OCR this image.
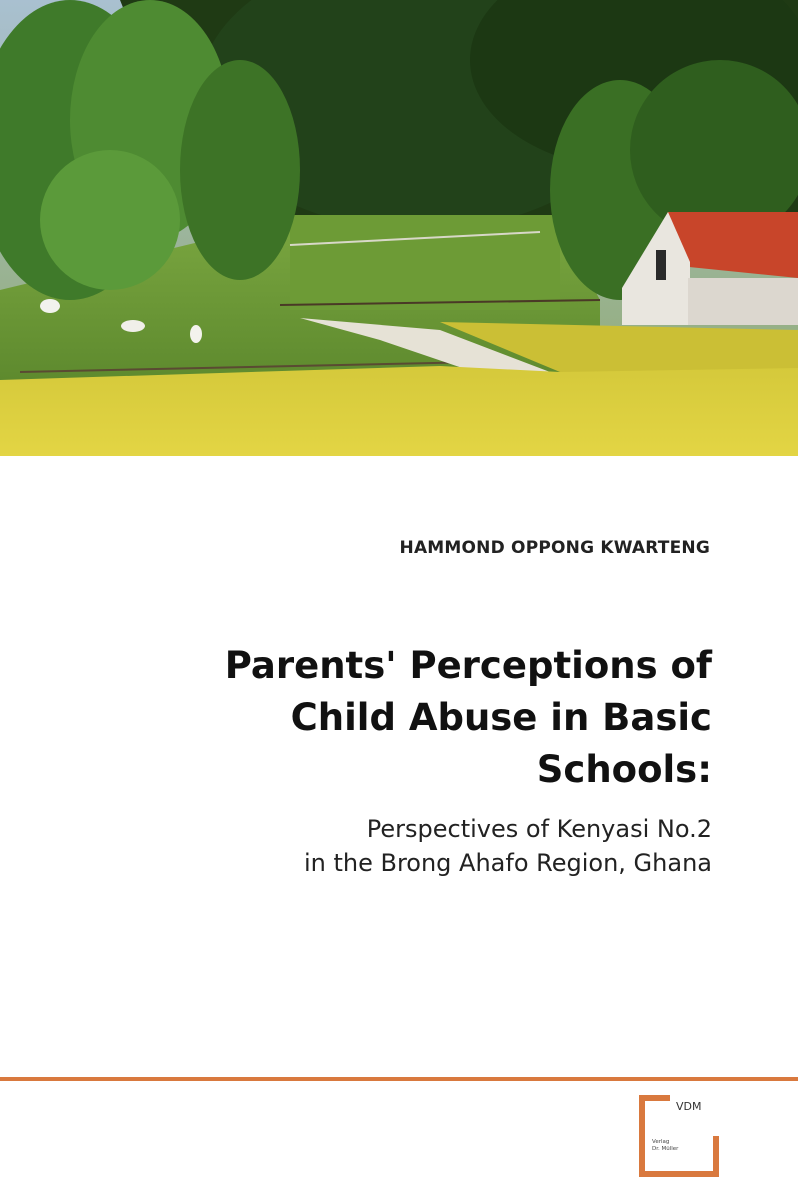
HAMMOND OPPONG KWARTENG
Parents' Perceptions of
Child Abuse in Basic
Schools:
Perspectives of Kenyasi No.2
in the Brong Ahafo Region, Ghana
VDM
Verlag
Dr. Müller
